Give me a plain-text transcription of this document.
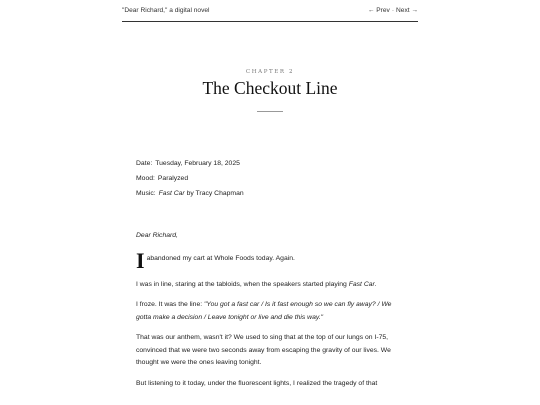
"Dear Richard," a digital novel	← Prev · Next →
CHAPTER 2
The Checkout Line
Date: Tuesday, February 18, 2025
Mood: Paralyzed
Music: Fast Car by Tracy Chapman
Dear Richard,
I abandoned my cart at Whole Foods today. Again.
I was in line, staring at the tabloids, when the speakers started playing Fast Car.
I froze. It was the line: "You got a fast car / Is it fast enough so we can fly away? / We gotta make a decision / Leave tonight or live and die this way."
That was our anthem, wasn't it? We used to sing that at the top of our lungs on I-75, convinced that we were two seconds away from escaping the gravity of our lives. We thought we were the ones leaving tonight.
But listening to it today, under the fluorescent lights, I realized the tragedy of that
